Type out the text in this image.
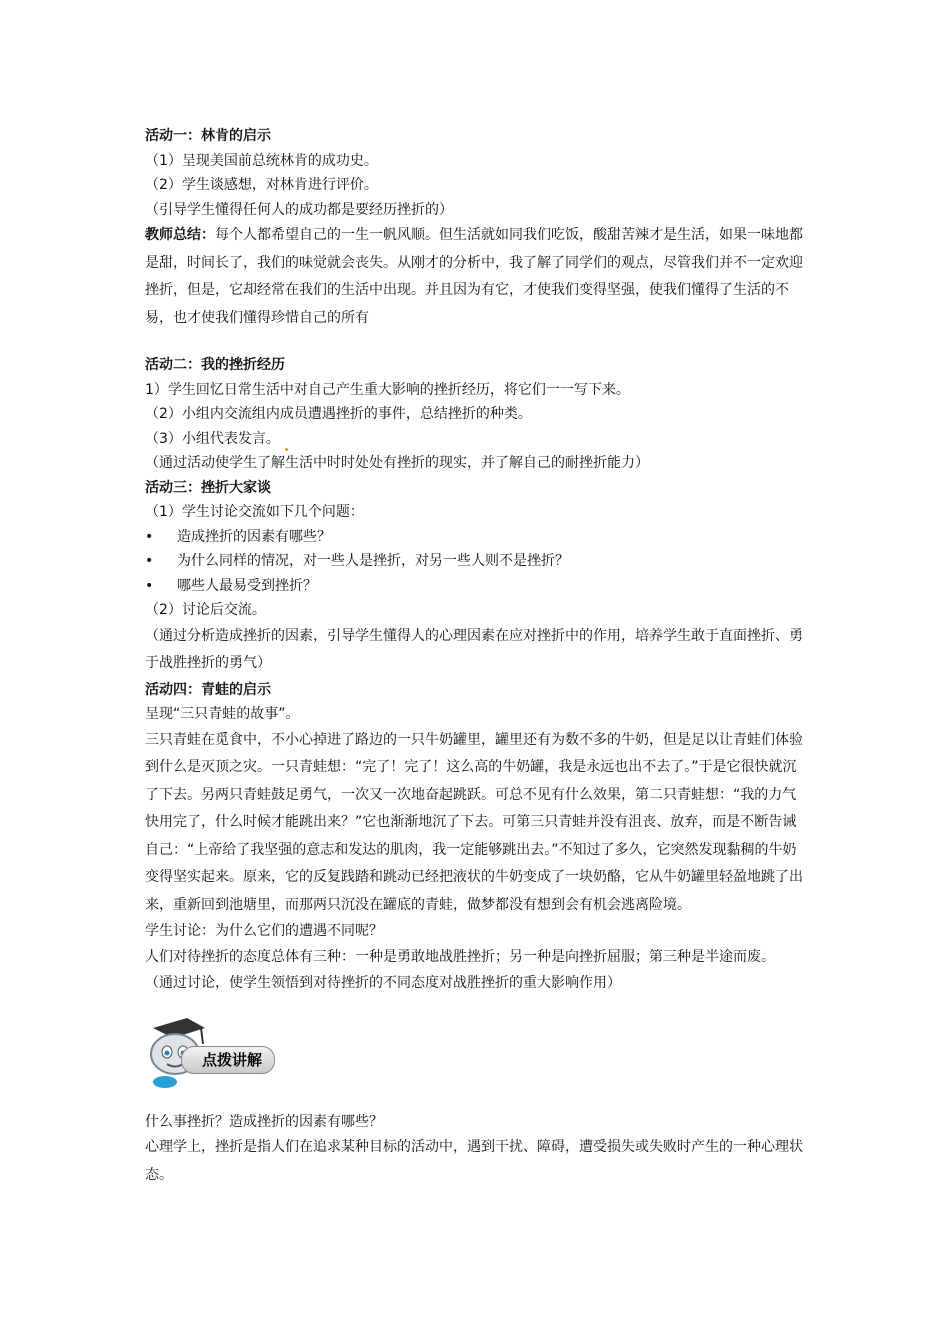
活动一：林肯的启示
（1）呈现美国前总统林肯的成功史。
（2）学生谈感想，对林肯进行评价。
（引导学生懂得任何人的成功都是要经历挫折的）
教师总结：每个人都希望自己的一生一帆风顺。但生活就如同我们吃饭，酸甜苦辣才是生活，如果一味地都是甜，时间长了，我们的味觉就会丧失。从刚才的分析中，我了解了同学们的观点，尽管我们并不一定欢迎挫折，但是，它却经常在我们的生活中出现。并且因为有它，才使我们变得坚强，使我们懂得了生活的不易，也才使我们懂得珍惜自己的所有
活动二：我的挫折经历
1）学生回忆日常生活中对自己产生重大影响的挫折经历，将它们一一写下来。
（2）小组内交流组内成员遭遇挫折的事件，总结挫折的种类。
（3）小组代表发言。
（通过活动使学生了解生活中时时处处有挫折的现实，并了解自己的耐挫折能力）
活动三：挫折大家谈
（1）学生讨论交流如下几个问题：
•	造成挫折的因素有哪些？
•	为什么同样的情况，对一些人是挫折，对另一些人则不是挫折？
•	哪些人最易受到挫折？
（2）讨论后交流。
（通过分析造成挫折的因素，引导学生懂得人的心理因素在应对挫折中的作用，培养学生敢于直面挫折、勇于战胜挫折的勇气）
活动四：青蛙的启示
呈现“三只青蛙的故事”。
三只青蛙在觅食中，不小心掉进了路边的一只牛奶罐里，罐里还有为数不多的牛奶，但是足以让青蛙们体验到什么是灭顶之灾。一只青蛙想：“完了！完了！这么高的牛奶罐，我是永远也出不去了。”于是它很快就沉了下去。另两只青蛙鼓足勇气，一次又一次地奋起跳跃。可总不见有什么效果，第二只青蛙想：“我的力气快用完了，什么时候才能跳出来？”它也渐渐地沉了下去。可第三只青蛙并没有沮丧、放弃，而是不断告诫自己：“上帝给了我坚强的意志和发达的肌肉，我一定能够跳出去。”不知过了多久，它突然发现黏稠的牛奶变得坚实起来。原来，它的反复践踏和跳动已经把液状的牛奶变成了一块奶酪，它从牛奶罐里轻盈地跳了出来，重新回到池塘里，而那两只沉没在罐底的青蛙，做梦都没有想到会有机会逃离险境。
学生讨论：为什么它们的遭遇不同呢？
人们对待挫折的态度总体有三种：一种是勇敢地战胜挫折；另一种是向挫折屈服；第三种是半途而废。
（通过讨论，使学生领悟到对待挫折的不同态度对战胜挫折的重大影响作用）
点拨讲解
什么事挫折？造成挫折的因素有哪些？
心理学上，挫折是指人们在追求某种目标的活动中，遇到干扰、障碍，遭受损失或失败时产生的一种心理状态。
